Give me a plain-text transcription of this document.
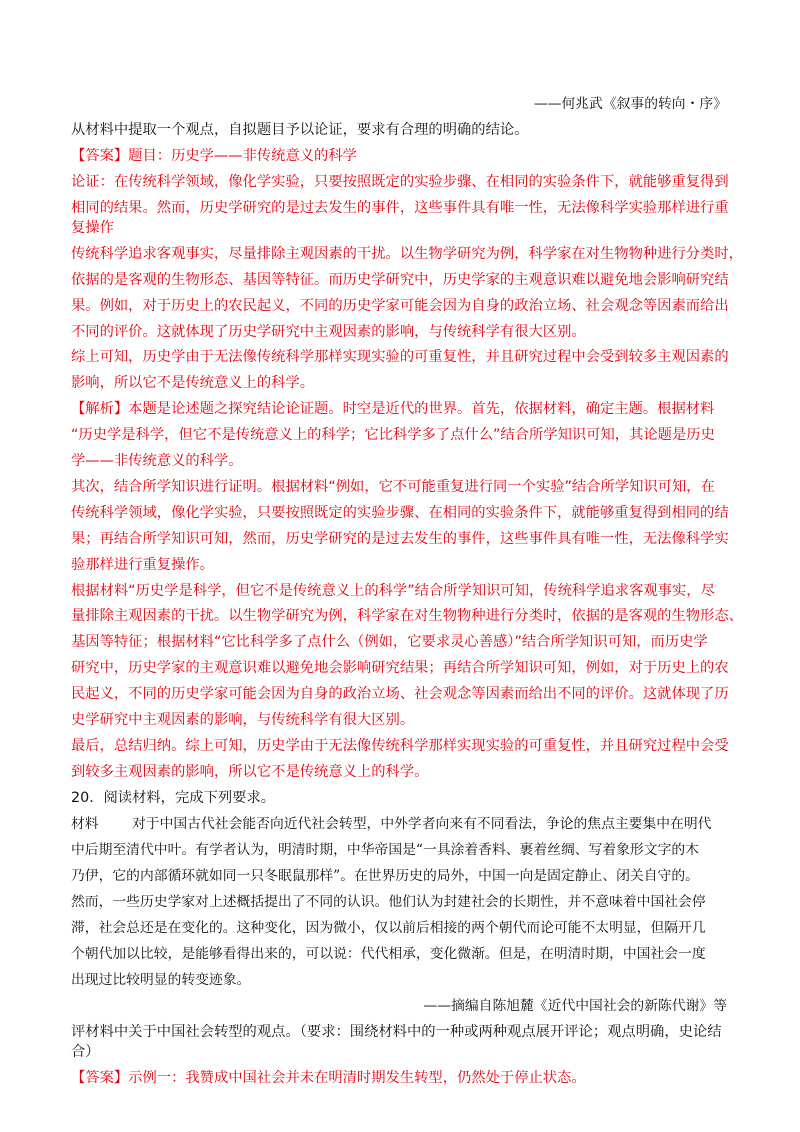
——何兆武《叙事的转向・序》
从材料中提取一个观点，自拟题目予以论证，要求有合理的明确的结论。
【答案】题目：历史学——非传统意义的科学
论证：在传统科学领域，像化学实验，只要按照既定的实验步骤、在相同的实验条件下，就能够重复得到
相同的结果。然而，历史学研究的是过去发生的事件，这些事件具有唯一性，无法像科学实验那样进行重
复操作
传统科学追求客观事实，尽量排除主观因素的干扰。以生物学研究为例，科学家在对生物物种进行分类时，
依据的是客观的生物形态、基因等特征。而历史学研究中，历史学家的主观意识难以避免地会影响研究结
果。例如，对于历史上的农民起义，不同的历史学家可能会因为自身的政治立场、社会观念等因素而给出
不同的评价。这就体现了历史学研究中主观因素的影响，与传统科学有很大区别。
综上可知，历史学由于无法像传统科学那样实现实验的可重复性，并且研究过程中会受到较多主观因素的
影响，所以它不是传统意义上的科学。
【解析】本题是论述题之探究结论论证题。时空是近代的世界。首先，依据材料，确定主题。根据材料
“历史学是科学，但它不是传统意义上的科学；它比科学多了点什么”结合所学知识可知，其论题是历史
学——非传统意义的科学。
其次，结合所学知识进行证明。根据材料“例如，它不可能重复进行同一个实验”结合所学知识可知，在
传统科学领域，像化学实验，只要按照既定的实验步骤、在相同的实验条件下，就能够重复得到相同的结
果；再结合所学知识可知，然而，历史学研究的是过去发生的事件，这些事件具有唯一性，无法像科学实
验那样进行重复操作。
根据材料“历史学是科学，但它不是传统意义上的科学”结合所学知识可知，传统科学追求客观事实，尽
量排除主观因素的干扰。以生物学研究为例，科学家在对生物物种进行分类时，依据的是客观的生物形态、
基因等特征；根据材料“它比科学多了点什么（例如，它要求灵心善感）”结合所学知识可知，而历史学
研究中，历史学家的主观意识难以避免地会影响研究结果；再结合所学知识可知，例如，对于历史上的农
民起义，不同的历史学家可能会因为自身的政治立场、社会观念等因素而给出不同的评价。这就体现了历
史学研究中主观因素的影响，与传统科学有很大区别。
最后，总结归纳。综上可知，历史学由于无法像传统科学那样实现实验的可重复性，并且研究过程中会受
到较多主观因素的影响，所以它不是传统意义上的科学。
20．阅读材料，完成下列要求。
材料 对于中国古代社会能否向近代社会转型，中外学者向来有不同看法，争论的焦点主要集中在明代
中后期至清代中叶。有学者认为，明清时期，中华帝国是“一具涂着香料、裹着丝绸、写着象形文字的木
乃伊，它的内部循环就如同一只冬眠鼠那样”。在世界历史的局外，中国一向是固定静止、闭关自守的。
然而，一些历史学家对上述概括提出了不同的认识。他们认为封建社会的长期性，并不意味着中国社会停
滞，社会总还是在变化的。这种变化，因为微小，仅以前后相接的两个朝代而论可能不太明显，但隔开几
个朝代加以比较，是能够看得出来的，可以说：代代相承，变化微渐。但是，在明清时期，中国社会一度
出现过比较明显的转变迹象。
——摘编自陈旭麓《近代中国社会的新陈代谢》等
评材料中关于中国社会转型的观点。（要求：围绕材料中的一种或两种观点展开评论；观点明确，史论结
合）
【答案】示例一：我赞成中国社会并未在明清时期发生转型，仍然处于停止状态。
